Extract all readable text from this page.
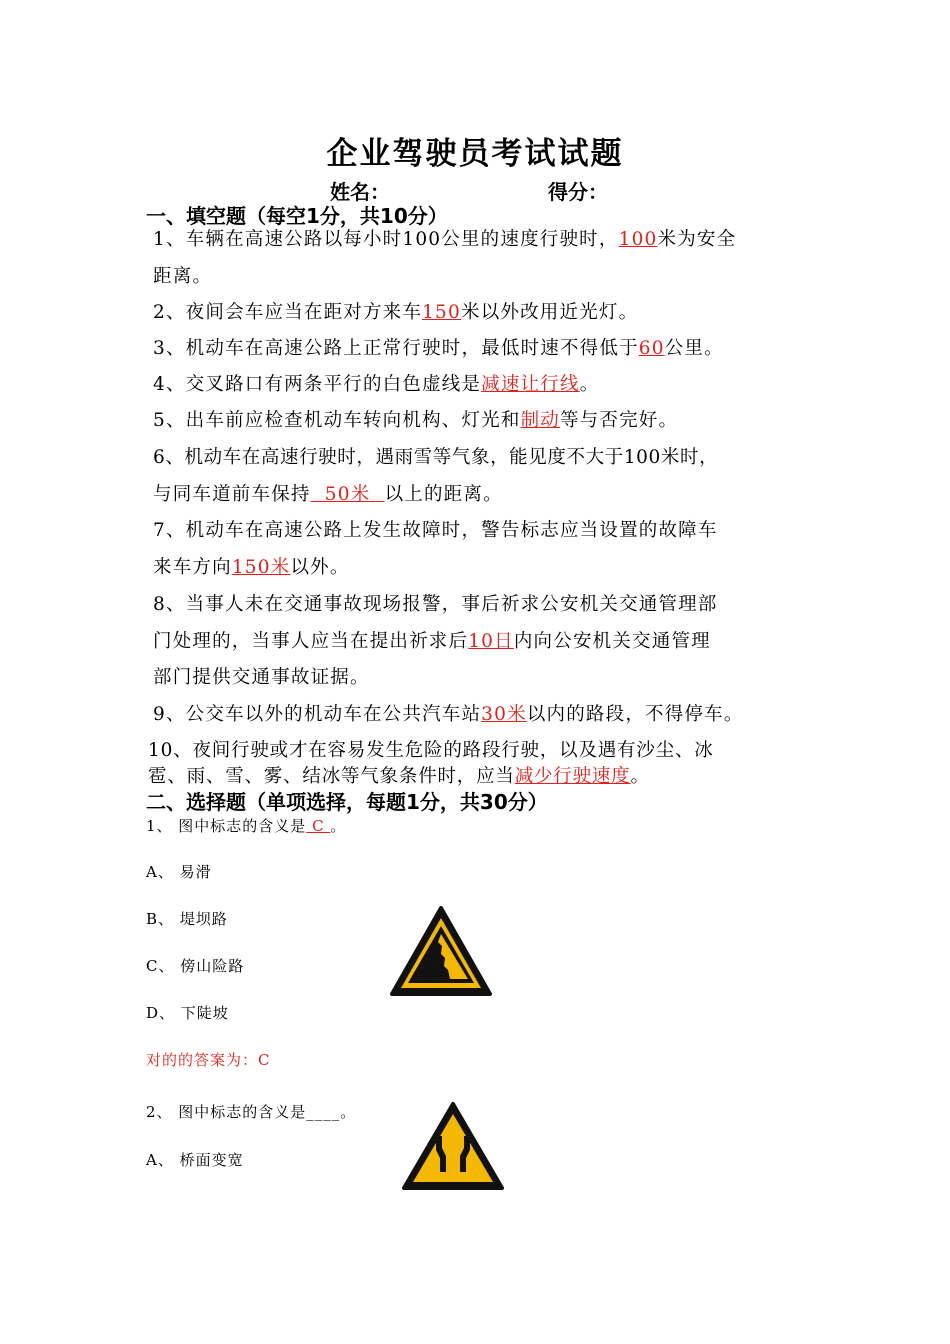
企业驾驶员考试试题
姓名：	得分：
一、填空题（每空1分，共10分）
1、车辆在高速公路以每小时100公里的速度行驶时，100米为安全
距离。
2、夜间会车应当在距对方来车150米以外改用近光灯。
3、机动车在高速公路上正常行驶时，最低时速不得低于60公里。
4、交叉路口有两条平行的白色虚线是减速让行线。
5、出车前应检查机动车转向机构、灯光和制动等与否完好。
6、机动车在高速行驶时，遇雨雪等气象，能见度不大于100米时，
与同车道前车保持  50米  以上的距离。
7、机动车在高速公路上发生故障时，警告标志应当设置的故障车
来车方向150米以外。
8、当事人未在交通事故现场报警，事后祈求公安机关交通管理部
门处理的，当事人应当在提出祈求后10日内向公安机关交通管理
部门提供交通事故证据。
9、公交车以外的机动车在公共汽车站30米以内的路段，不得停车。
10、夜间行驶或才在容易发生危险的路段行驶，以及遇有沙尘、冰
雹、雨、雪、雾、结冰等气象条件时，应当减少行驶速度。
二、选择题（单项选择，每题1分，共30分）
1、 图中标志的含义是 C 。
A、 易滑
B、 堤坝路
C、 傍山险路
D、 下陡坡
对的的答案为：C
2、 图中标志的含义是____。
A、 桥面变宽
